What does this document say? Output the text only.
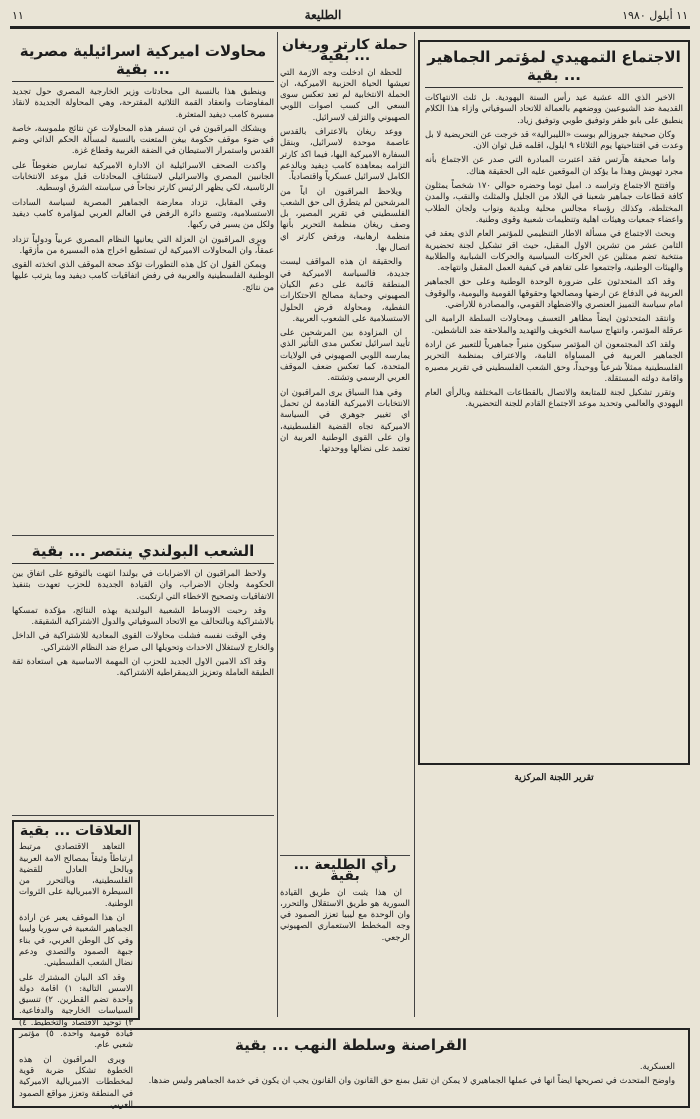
١١ أيلول ١٩٨٠
الطليعة
١١
الاجتماع التمهيدي لمؤتمر الجماهير ... بقية

الاخير الذي الله عشية عيد رأس السنة اليهودية. بل ثلث الانتهاكات القديمة ضد الشيوعيين ووضعهم بالعمالة للاتحاد السوفياتي وازاء هذا الكلام ينطبق على بابو ظفر وتوفيق طوبي وتوفيق زياد.

وكان صحيفة جيروزالم بوست «الليبرالية» قد خرجت عن التحريضية لا بل وعدت في افتتاحيتها يوم الثلاثاء ٩ ايلول، اقلمه قبل ثوان الان.

واما صحيفة هآرتس فقد اعتبرت المبادرة التي صدر عن الاجتماع بأنه مجرد تهويش وهذا ما يؤكد ان الموقعين عليه الى الحقيقة هناك.

وافتتح الاجتماع وتراسه د. اميل توما وحضره حوالي ١٧٠ شخصاً يمثلون كافة قطاعات جماهير شعبنا في البلاد من الجليل والمثلث والنقب، والمدن المختلطة، وكذلك رؤساء مجالس محلية وبلدية ونواب ولجان الطلاب واعضاء جمعيات وهيئات اهلية وتنظيمات شعبية وقوى وطنية.

وبحث الاجتماع في مسألة الاطار التنظيمي للمؤتمر العام الذي يعقد في الثامن عشر من تشرين الاول المقبل، حيث اقر تشكيل لجنة تحضيرية منتخبة تضم ممثلين عن الحركات السياسية والحركات الشبابية والطلابية والهيئات الوطنية، واجتمعوا على تفاهم في كيفية العمل المقبل وانتهاجه.

وقد اكد المتحدثون على ضرورة الوحدة الوطنية وعلى حق الجماهير العربية في الدفاع عن ارضها ومصالحها وحقوقها القومية واليومية، والوقوف امام سياسة التمييز العنصري والاضطهاد القومي، والمصادرة للاراضي.

وانتقد المتحدثون ايضاً مظاهر التعسف ومحاولات السلطة الرامية الى عرقلة المؤتمر، وانتهاج سياسة التخويف والتهديد والملاحقة ضد الناشطين.

ولقد اكد المجتمعون ان المؤتمر سيكون منبراً جماهيرياً للتعبير عن ارادة الجماهير العربية في المساواة التامة، والاعتراف بمنظمة التحرير الفلسطينية ممثلاً شرعياً ووحيداً، وحق الشعب الفلسطيني في تقرير مصيره واقامة دولته المستقلة.

وتقرر تشكيل لجنة للمتابعة والاتصال بالقطاعات المختلفة وبالرأي العام اليهودي والعالمي وتحديد موعد الاجتماع القادم للجنة التحضيرية.

تقرير اللجنة المركزية
حملة كارتر وريغان ... بقية

للحظة ان ادخلت وجه الازمة التي تعيشها الحياة الحزبية الاميركية، ان الحملة الانتخابية لم تعد تعكس سوى السعي الى كسب اصوات اللوبي الصهيوني والتزلف لاسرائيل.

ووعد ريغان بالاعتراف بالقدس عاصمة موحدة لاسرائيل، وبنقل السفارة الاميركية اليها، فيما اكد كارتر التزامه بمعاهدة كامب ديفيد وبالدعم الكامل لاسرائيل عسكرياً واقتصادياً.

ويلاحظ المراقبون ان اياً من المرشحين لم يتطرق الى حق الشعب الفلسطيني في تقرير المصير، بل وصف ريغان منظمة التحرير بأنها منظمة ارهابية، ورفض كارتر اي اتصال بها.

والحقيقة ان هذه المواقف ليست جديدة، فالسياسة الاميركية في المنطقة قائمة على دعم الكيان الصهيوني وحماية مصالح الاحتكارات النفطية، ومحاولة فرض الحلول الاستسلامية على الشعوب العربية.

ان المزاودة بين المرشحين على تأييد اسرائيل تعكس مدى التأثير الذي يمارسه اللوبي الصهيوني في الولايات المتحدة، كما تعكس ضعف الموقف العربي الرسمي وتشتته.

وفي هذا السياق يرى المراقبون ان الانتخابات الاميركية القادمة لن تحمل اي تغيير جوهري في السياسة الاميركية تجاه القضية الفلسطينية، وان على القوى الوطنية العربية ان تعتمد على نضالها ووحدتها.

رأي الطليعة ... بقية

ان هذا يثبت ان طريق القيادة السورية هو طريق الاستقلال والتحرر، وان الوحدة مع ليبيا تعزز الصمود في وجه المخطط الاستعماري الصهيوني الرجعي.

محاولات اميركية اسرائيلية مصرية ... بقية

وينطبق هذا بالنسبة الى محادثات وزير الخارجية المصري حول تجديد المفاوضات وانعقاد القمة الثلاثية المقترحة، وهي المحاولة الجديدة لانقاذ مسيرة كامب ديفيد المتعثرة.

ويشكك المراقبون في ان تسفر هذه المحاولات عن نتائج ملموسة، خاصة في ضوء موقف حكومة بيغن المتعنت بالنسبة لمسألة الحكم الذاتي وضم القدس واستمرار الاستيطان في الضفة الغربية وقطاع غزة.

واكدت الصحف الاسرائيلية ان الادارة الاميركية تمارس ضغوطاً على الجانبين المصري والاسرائيلي لاستئناف المحادثات قبل موعد الانتخابات الرئاسية، لكي يظهر الرئيس كارتر نجاحاً في سياسته الشرق اوسطية.

وفي المقابل، تزداد معارضة الجماهير المصرية لسياسة السادات الاستسلامية، وتتسع دائرة الرفض في العالم العربي لمؤامرة كامب ديفيد ولكل من يسير في ركبها.

ويرى المراقبون ان العزلة التي يعانيها النظام المصري عربياً ودولياً تزداد عمقاً، وان المحاولات الاميركية لن تستطيع اخراج هذه المسيرة من مأزقها.

ويمكن القول ان كل هذه التطورات تؤكد صحة الموقف الذي اتخذته القوى الوطنية الفلسطينية والعربية في رفض اتفاقيات كامب ديفيد وما يترتب عليها من نتائج.

الشعب البولندي ينتصر ... بقية

ولاحظ المراقبون ان الاضرابات في بولندا انتهت بالتوقيع على اتفاق بين الحكومة ولجان الاضراب، وان القيادة الجديدة للحزب تعهدت بتنفيذ الاتفاقيات وتصحيح الاخطاء التي ارتكبت.

وقد رحبت الاوساط الشعبية البولندية بهذه النتائج، مؤكدة تمسكها بالاشتراكية وبالتحالف مع الاتحاد السوفياتي والدول الاشتراكية الشقيقة.

وفي الوقت نفسه فشلت محاولات القوى المعادية للاشتراكية في الداخل والخارج لاستغلال الاحداث وتحويلها الى صراع ضد النظام الاشتراكي.

وقد اكد الامين الاول الجديد للحزب ان المهمة الاساسية هي استعادة ثقة الطبقة العاملة وتعزيز الديمقراطية الاشتراكية.

العلاقات ... بقية

التعاهد الاقتصادي مرتبط ارتباطاً وثيقاً بمصالح الامة العربية وبالحل العادل للقضية الفلسطينية، وبالتحرر من السيطرة الامبريالية على الثروات الوطنية.

ان هذا الموقف يعبر عن ارادة الجماهير الشعبية في سوريا وليبيا وفي كل الوطن العربي، في بناء جبهة الصمود والتصدي ودعم نضال الشعب الفلسطيني.

وقد اكد البيان المشترك على الاسس التالية: ١) اقامة دولة واحدة تضم القطرين. ٢) تنسيق السياسات الخارجية والدفاعية. ٣) توحيد الاقتصاد والتخطيط. ٤) قيادة قومية واحدة. ٥) مؤتمر شعبي عام.

ويرى المراقبون ان هذه الخطوة تشكل ضربة قوية لمخططات الامبريالية الاميركية في المنطقة وتعزز مواقع الصمود العربي.

القراصنة وسلطة النهب ... بقية

العسكرية.

واوضح المتحدث في تصريحها ايضاً انها في عملها الجماهيري لا يمكن ان تقبل بمنع حق القانون وان القانون يجب ان يكون في خدمة الجماهير وليس ضدها.
